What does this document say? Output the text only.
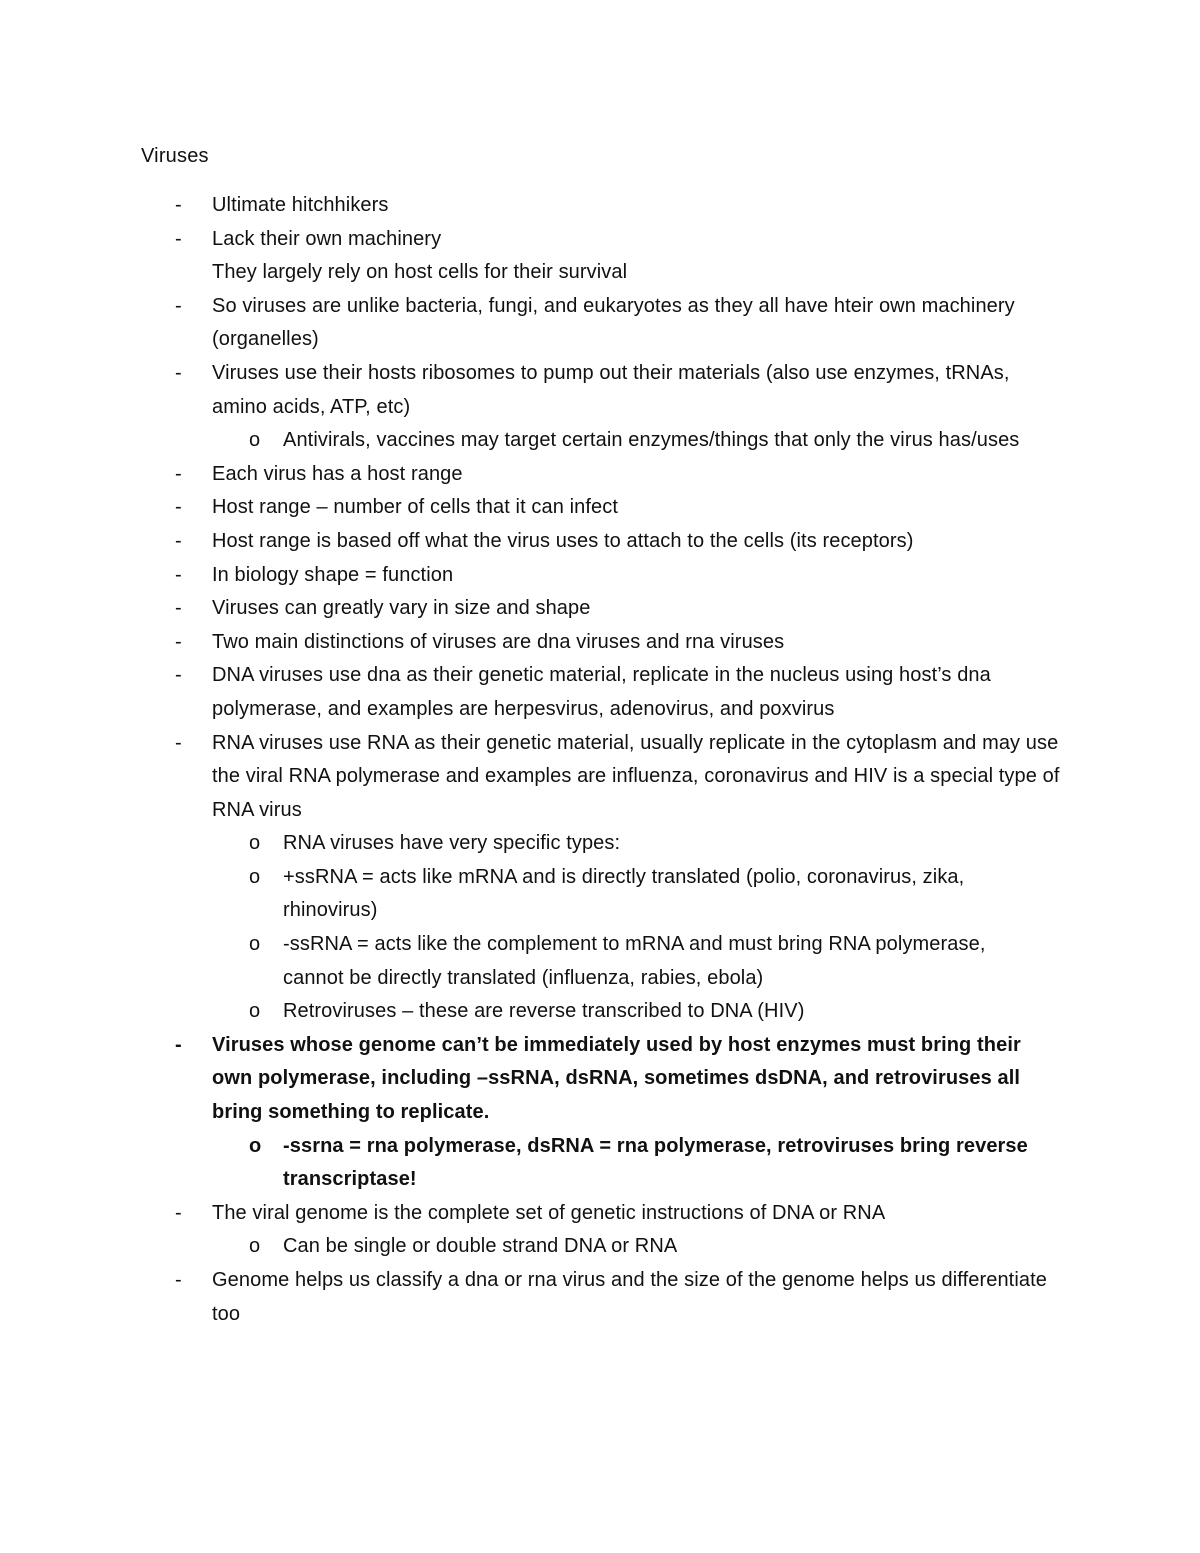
Viruses
- Ultimate hitchhikers
- Lack their own machinery
They largely rely on host cells for their survival
- So viruses are unlike bacteria, fungi, and eukaryotes as they all have hteir own machinery (organelles)
- Viruses use their hosts ribosomes to pump out their materials (also use enzymes, tRNAs, amino acids, ATP, etc)
o Antivirals, vaccines may target certain enzymes/things that only the virus has/uses
- Each virus has a host range
- Host range – number of cells that it can infect
- Host range is based off what the virus uses to attach to the cells (its receptors)
- In biology shape = function
- Viruses can greatly vary in size and shape
- Two main distinctions of viruses are dna viruses and rna viruses
- DNA viruses use dna as their genetic material, replicate in the nucleus using host’s dna polymerase, and examples are herpesvirus, adenovirus, and poxvirus
- RNA viruses use RNA as their genetic material, usually replicate in the cytoplasm and may use the viral RNA polymerase and examples are influenza, coronavirus and HIV is a special type of RNA virus
o RNA viruses have very specific types:
o +ssRNA = acts like mRNA and is directly translated (polio, coronavirus, zika, rhinovirus)
o -ssRNA = acts like the complement to mRNA and must bring RNA polymerase, cannot be directly translated (influenza, rabies, ebola)
o Retroviruses – these are reverse transcribed to DNA (HIV)
- Viruses whose genome can’t be immediately used by host enzymes must bring their own polymerase, including –ssRNA, dsRNA, sometimes dsDNA, and retroviruses all bring something to replicate.
o -ssrna = rna polymerase, dsRNA = rna polymerase, retroviruses bring reverse transcriptase!
- The viral genome is the complete set of genetic instructions of DNA or RNA
o Can be single or double strand DNA or RNA
- Genome helps us classify a dna or rna virus and the size of the genome helps us differentiate too
